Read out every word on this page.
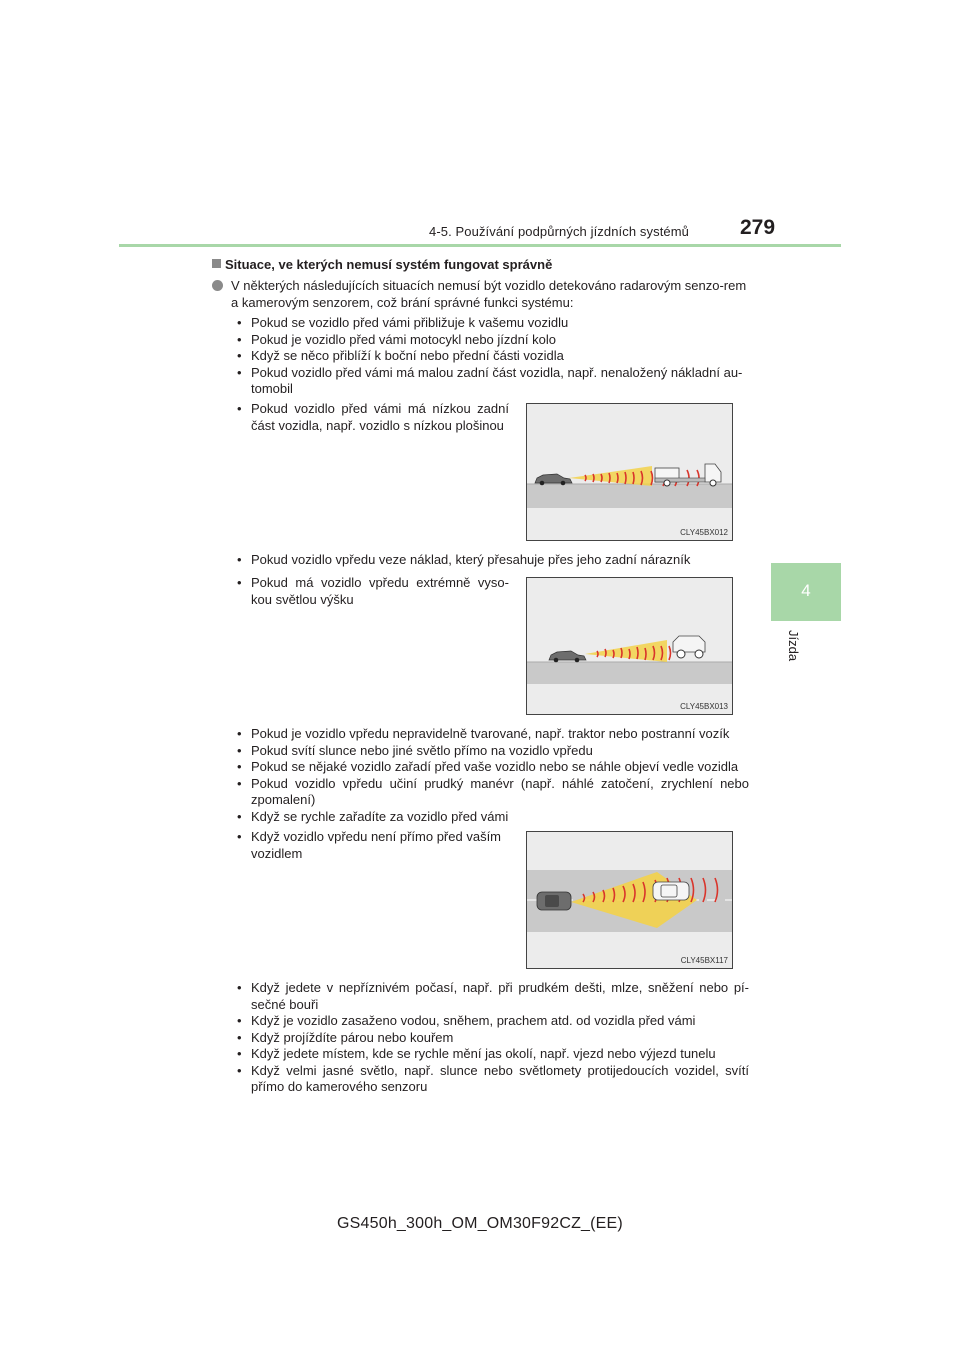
4-5. Používání podpůrných jízdních systémů 279
4
Jízda
Situace, ve kterých nemusí systém fungovat správně
V některých následujících situacích nemusí být vozidlo detekováno radarovým senzo-rem a kamerovým senzorem, což brání správné funkci systému:
• Pokud se vozidlo před vámi přibližuje k vašemu vozidlu
• Pokud je vozidlo před vámi motocykl nebo jízdní kolo
• Když se něco přiblíží k boční nebo přední části vozidla
• Pokud vozidlo před vámi má malou zadní část vozidla, např. nenaložený nákladní au-tomobil
• Pokud vozidlo před vámi má nízkou zadní část vozidla, např. vozidlo s nízkou plošinou
CLY45BX012
• Pokud vozidlo vpředu veze náklad, který přesahuje přes jeho zadní nárazník
• Pokud má vozidlo vpředu extrémně vyso-kou světlou výšku
CLY45BX013
• Pokud je vozidlo vpředu nepravidelně tvarované, např. traktor nebo postranní vozík
• Pokud svítí slunce nebo jiné světlo přímo na vozidlo vpředu
• Pokud se nějaké vozidlo zařadí před vaše vozidlo nebo se náhle objeví vedle vozidla
• Pokud vozidlo vpředu učiní prudký manévr (např. náhlé zatočení, zrychlení nebo zpomalení)
• Když se rychle zařadíte za vozidlo před vámi
• Když vozidlo vpředu není přímo před vaším vozidlem
CLY45BX117
• Když jedete v nepříznivém počasí, např. při prudkém dešti, mlze, sněžení nebo pí-sečné bouři
• Když je vozidlo zasaženo vodou, sněhem, prachem atd. od vozidla před vámi
• Když projíždíte párou nebo kouřem
• Když jedete místem, kde se rychle mění jas okolí, např. vjezd nebo výjezd tunelu
• Když velmi jasné světlo, např. slunce nebo světlomety protijedoucích vozidel, svítí přímo do kamerového senzoru
GS450h_300h_OM_OM30F92CZ_(EE)
